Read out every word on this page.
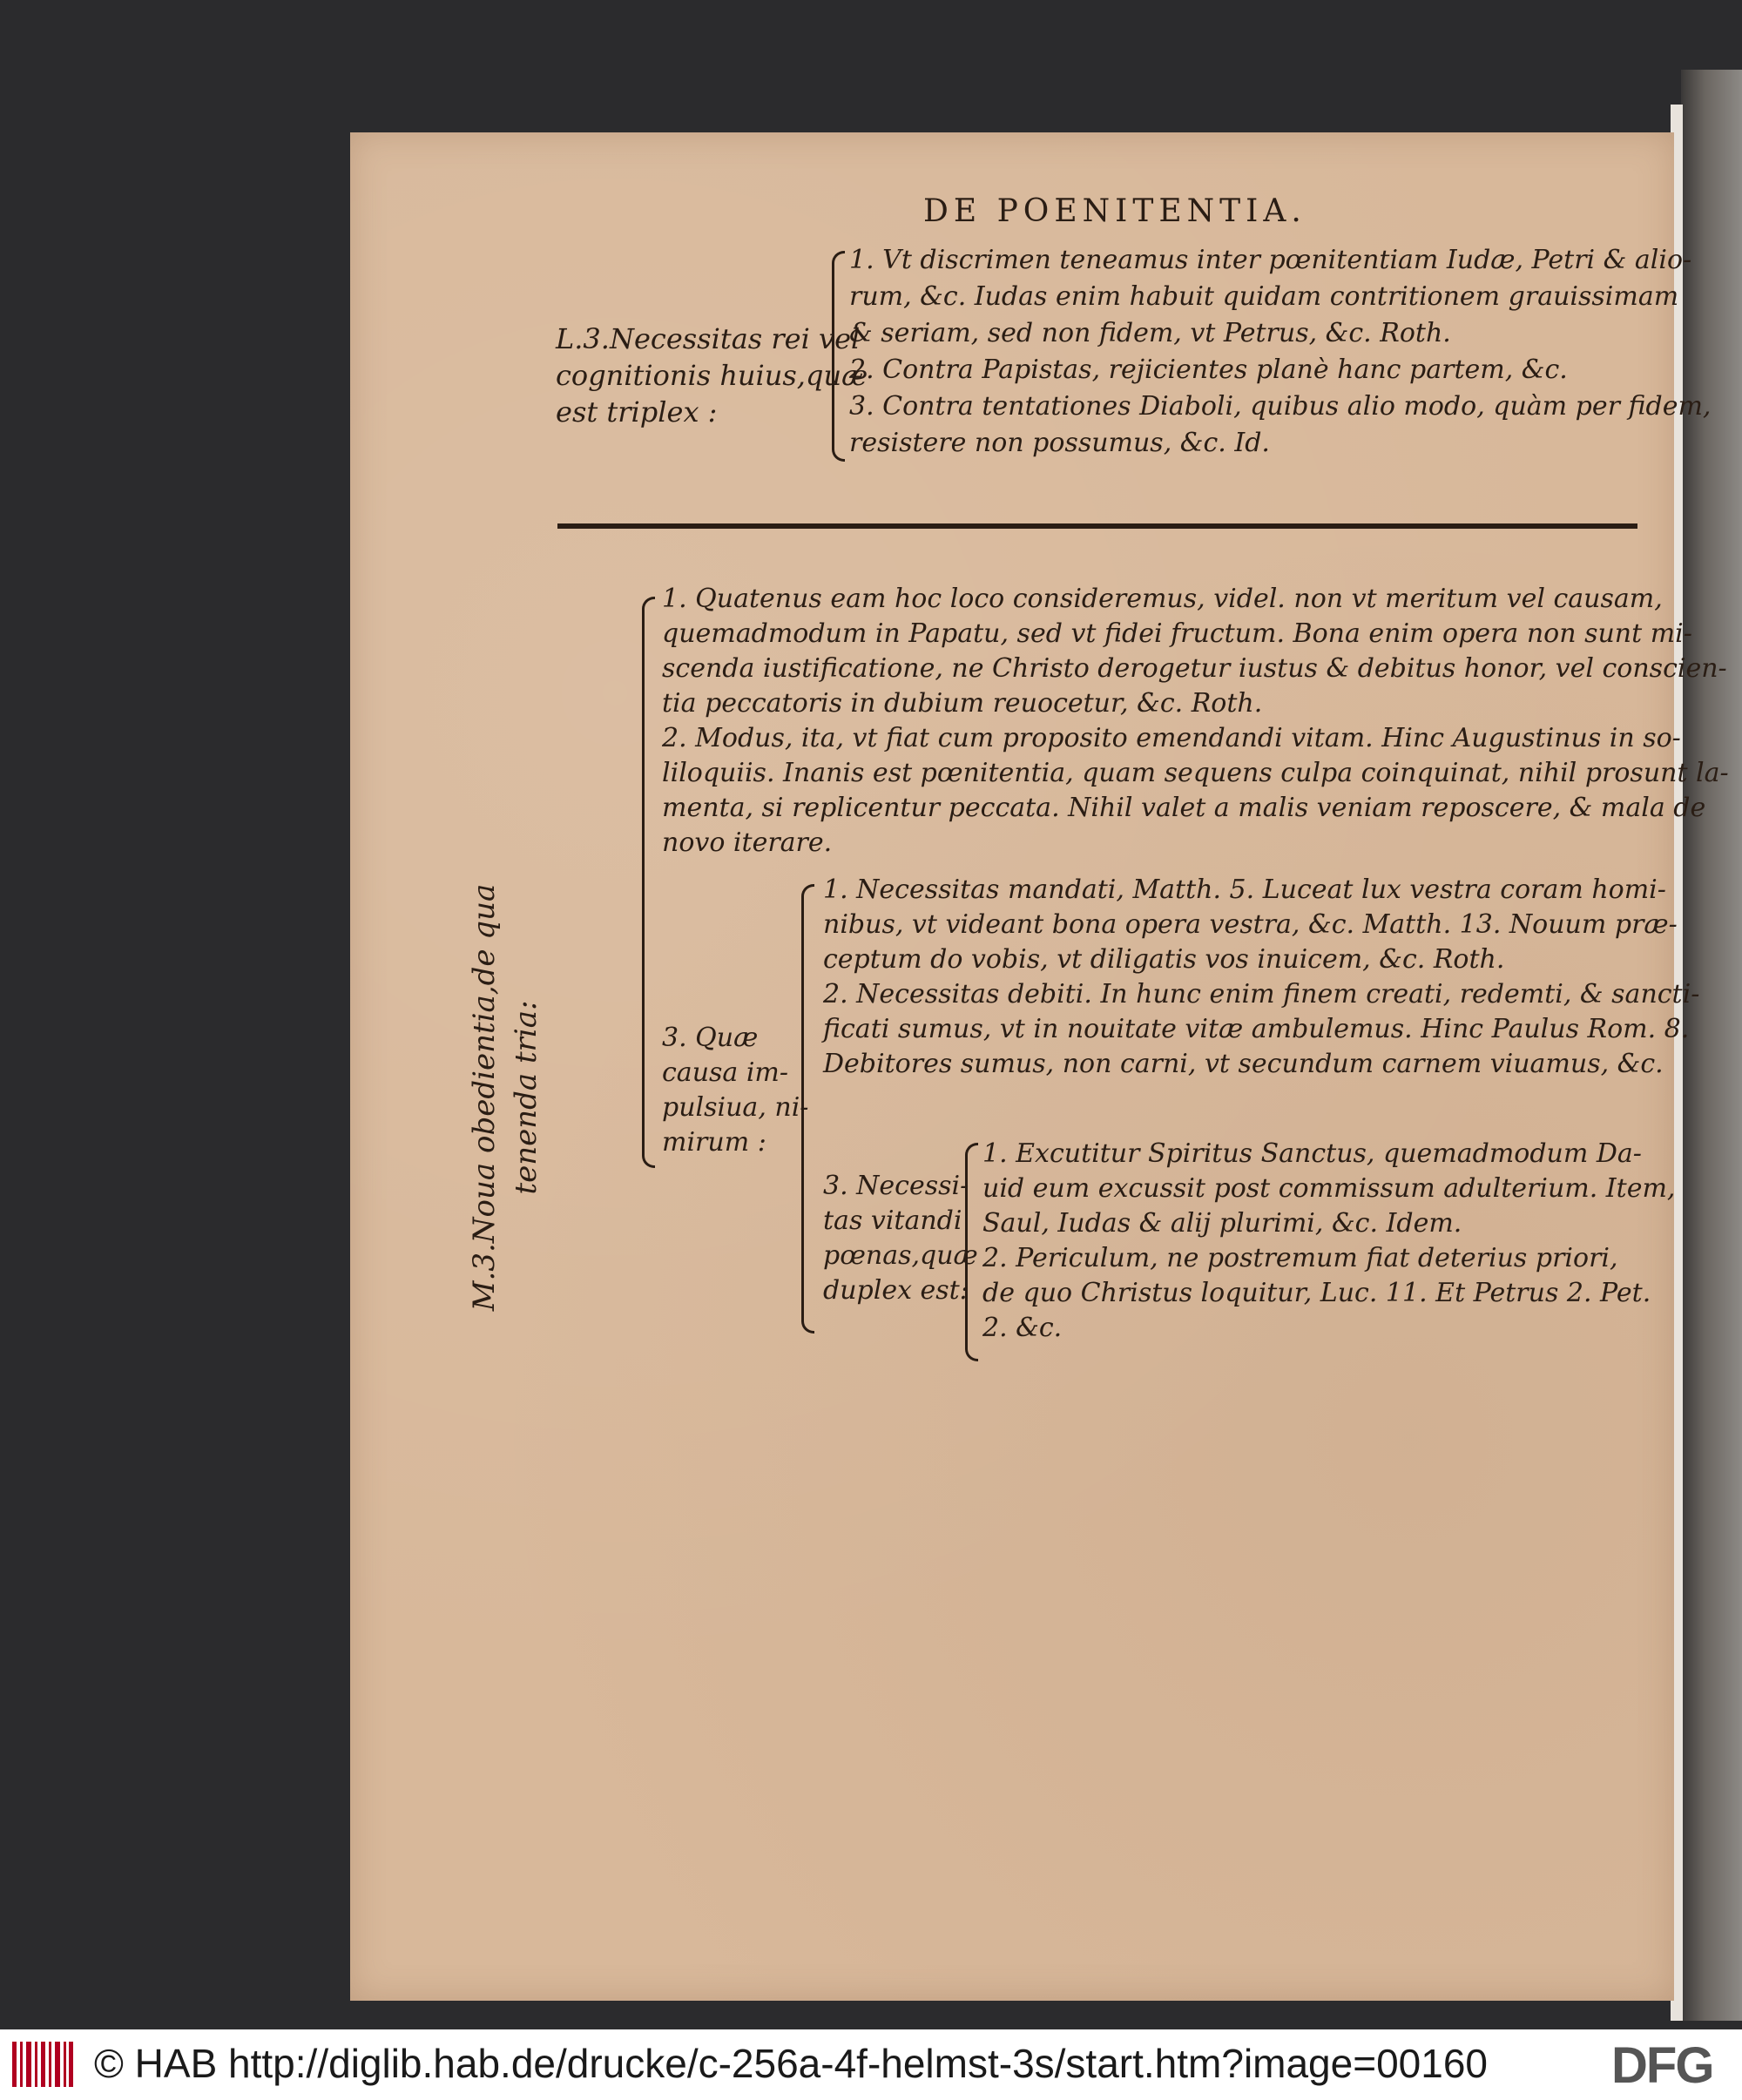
DE POENITENTIA.
L.3.Necessitas rei vel
cognitionis huius,quæ
est triplex :
1. Vt discrimen teneamus inter pœnitentiam Iudæ, Petri & alio-
rum, &c. Iudas enim habuit quidam contritionem grauissimam
& seriam, sed non fidem, vt Petrus, &c. Roth.
2. Contra Papistas, rejicientes planè hanc partem, &c.
3. Contra tentationes Diaboli, quibus alio modo, quàm per fidem,
resistere non possumus, &c. Id.
M.3.Noua obedientia,de qua tenenda tria:
1. Quatenus eam hoc loco consideremus, videl. non vt meritum vel causam,
quemadmodum in Papatu, sed vt fidei fructum. Bona enim opera non sunt mi-
scenda iustificatione, ne Christo derogetur iustus & debitus honor, vel conscien-
tia peccatoris in dubium reuocetur, &c. Roth.
2. Modus, ita, vt fiat cum proposito emendandi vitam. Hinc Augustinus in so-
liloquiis. Inanis est pœnitentia, quam sequens culpa coinquinat, nihil prosunt la-
menta, si replicentur peccata. Nihil valet a malis veniam reposcere, & mala de
novo iterare.
3. Quæ
causa im-
pulsiua, ni-
mirum :
1. Necessitas mandati, Matth. 5. Luceat lux vestra coram homi-
nibus, vt videant bona opera vestra, &c. Matth. 13. Nouum præ-
ceptum do vobis, vt diligatis vos inuicem, &c. Roth.
2. Necessitas debiti. In hunc enim finem creati, redemti, & sancti-
ficati sumus, vt in nouitate vitæ ambulemus. Hinc Paulus Rom. 8.
Debitores sumus, non carni, vt secundum carnem viuamus, &c.
3. Necessi-
tas vitandi
pœnas,quæ
duplex est:
1. Excutitur Spiritus Sanctus, quemadmodum Da-
uid eum excussit post commissum adulterium. Item,
Saul, Iudas & alij plurimi, &c. Idem.
2. Periculum, ne postremum fiat deterius priori,
de quo Christus loquitur, Luc. 11. Et Petrus 2. Pet.
2. &c.
© HAB http://diglib.hab.de/drucke/c-256a-4f-helmst-3s/start.htm?image=00160 DFG
